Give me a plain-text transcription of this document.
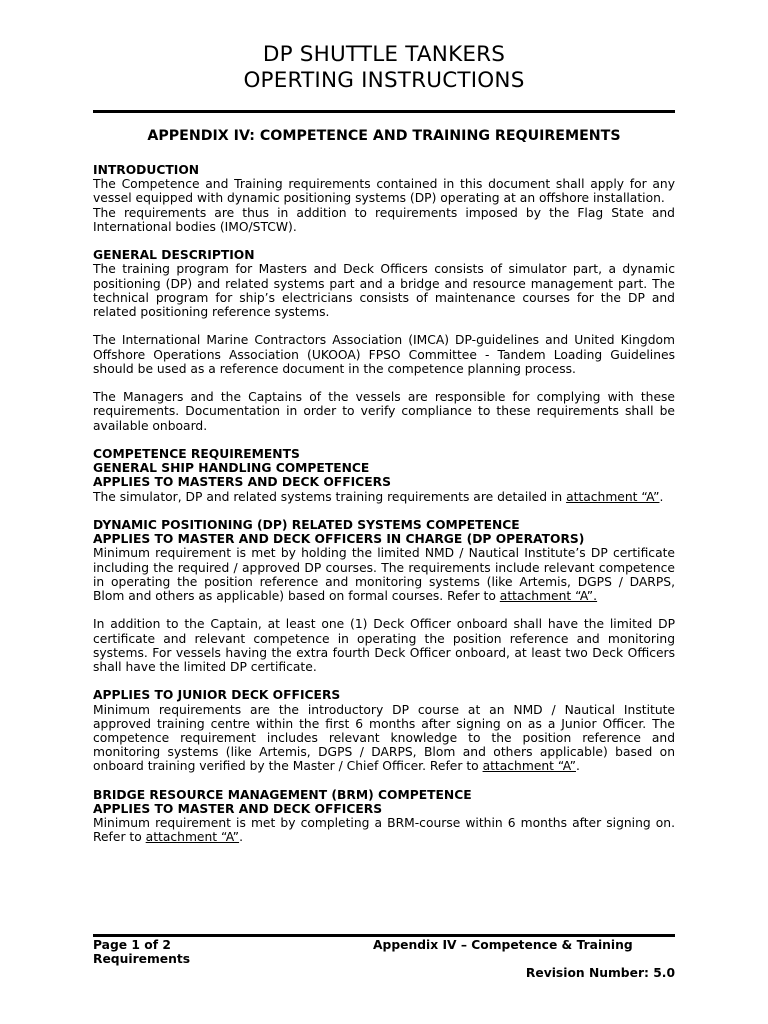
DP SHUTTLE TANKERS
OPERTING INSTRUCTIONS
APPENDIX IV: COMPETENCE AND TRAINING REQUIREMENTS

INTRODUCTION

The Competence and Training requirements contained in this document shall apply for any vessel equipped with dynamic positioning systems (DP) operating at an offshore installation.

The requirements are thus in addition to requirements imposed by the Flag State and International bodies (IMO/STCW).

GENERAL DESCRIPTION

The training program for Masters and Deck Officers consists of simulator part, a dynamic positioning (DP) and related systems part and a bridge and resource management part. The technical program for ship’s electricians consists of maintenance courses for the DP and related positioning reference systems.

The International Marine Contractors Association (IMCA) DP-guidelines and United Kingdom Offshore Operations Association (UKOOA) FPSO Committee - Tandem Loading Guidelines should be used as a reference document in the competence planning process.

The Managers and the Captains of the vessels are responsible for complying with these requirements. Documentation in order to verify compliance to these requirements shall be available onboard.

COMPETENCE REQUIREMENTS

GENERAL SHIP HANDLING COMPETENCE

APPLIES TO MASTERS AND DECK OFFICERS

The simulator, DP and related systems training requirements are detailed in attachment “A”.

DYNAMIC POSITIONING (DP) RELATED SYSTEMS COMPETENCE

APPLIES TO MASTER AND DECK OFFICERS IN CHARGE (DP OPERATORS)

Minimum requirement is met by holding the limited NMD / Nautical Institute’s DP certificate including the required / approved DP courses. The requirements include relevant competence in operating the position reference and monitoring systems (like Artemis, DGPS / DARPS, Blom and others as applicable) based on formal courses. Refer to attachment “A”.

In addition to the Captain, at least one (1) Deck Officer onboard shall have the limited DP certificate and relevant competence in operating the position reference and monitoring systems. For vessels having the extra fourth Deck Officer onboard, at least two Deck Officers shall have the limited DP certificate.

APPLIES TO JUNIOR DECK OFFICERS

Minimum requirements are the introductory DP course at an NMD / Nautical Institute approved training centre within the first 6 months after signing on as a Junior Officer. The competence requirement includes relevant knowledge to the position reference and monitoring systems (like Artemis, DGPS / DARPS, Blom and others applicable) based on onboard training verified by the Master / Chief Officer. Refer to attachment “A”.

BRIDGE RESOURCE MANAGEMENT (BRM) COMPETENCE

APPLIES TO MASTER AND DECK OFFICERS

Minimum requirement is met by completing a BRM-course within 6 months after signing on. Refer to attachment “A”.

Page 1 of 2	Appendix IV – Competence & Training
Requirements
Revision Number: 5.0
